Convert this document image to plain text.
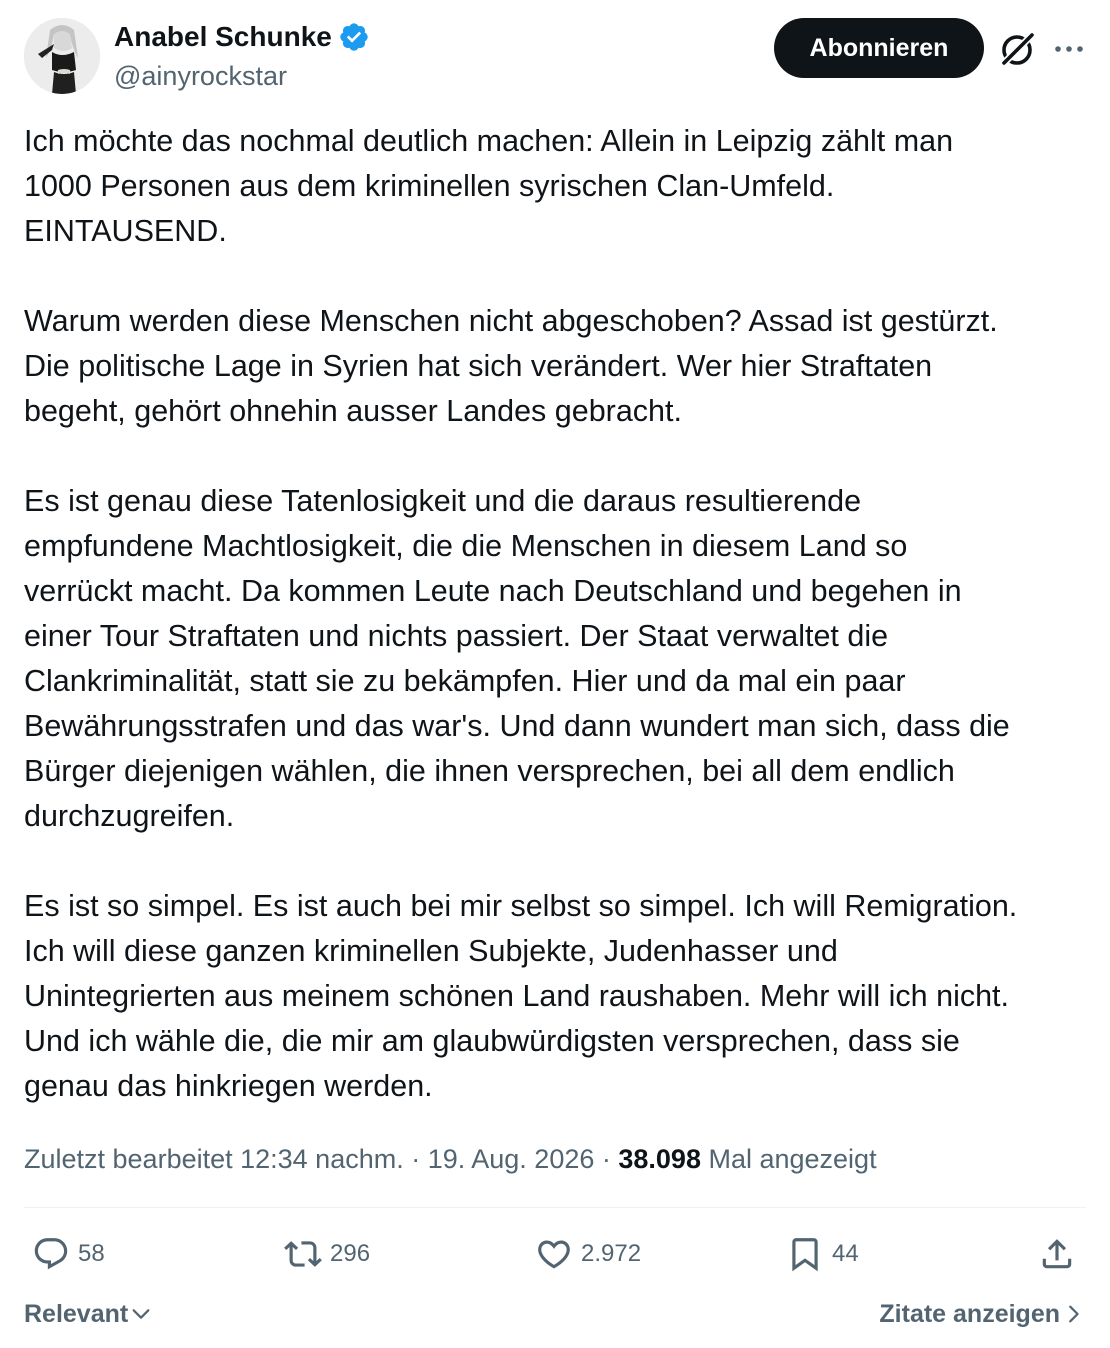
Anabel Schunke
@ainyrockstar
Abonnieren

Ich möchte das nochmal deutlich machen: Allein in Leipzig zählt man
1000 Personen aus dem kriminellen syrischen Clan-Umfeld.
EINTAUSEND.

Warum werden diese Menschen nicht abgeschoben? Assad ist gestürzt.
Die politische Lage in Syrien hat sich verändert. Wer hier Straftaten
begeht, gehört ohnehin ausser Landes gebracht.

Es ist genau diese Tatenlosigkeit und die daraus resultierende
empfundene Machtlosigkeit, die die Menschen in diesem Land so
verrückt macht. Da kommen Leute nach Deutschland und begehen in
einer Tour Straftaten und nichts passiert. Der Staat verwaltet die
Clankriminalität, statt sie zu bekämpfen. Hier und da mal ein paar
Bewährungsstrafen und das war's. Und dann wundert man sich, dass die
Bürger diejenigen wählen, die ihnen versprechen, bei all dem endlich
durchzugreifen.

Es ist so simpel. Es ist auch bei mir selbst so simpel. Ich will Remigration.
Ich will diese ganzen kriminellen Subjekte, Judenhasser und
Unintegrierten aus meinem schönen Land raushaben. Mehr will ich nicht.
Und ich wähle die, die mir am glaubwürdigsten versprechen, dass sie
genau das hinkriegen werden.

Zuletzt bearbeitet 12:34 nachm. · 19. Aug. 2026 · 38.098 Mal angezeigt
58	296	2.972	44
Relevant	Zitate anzeigen
